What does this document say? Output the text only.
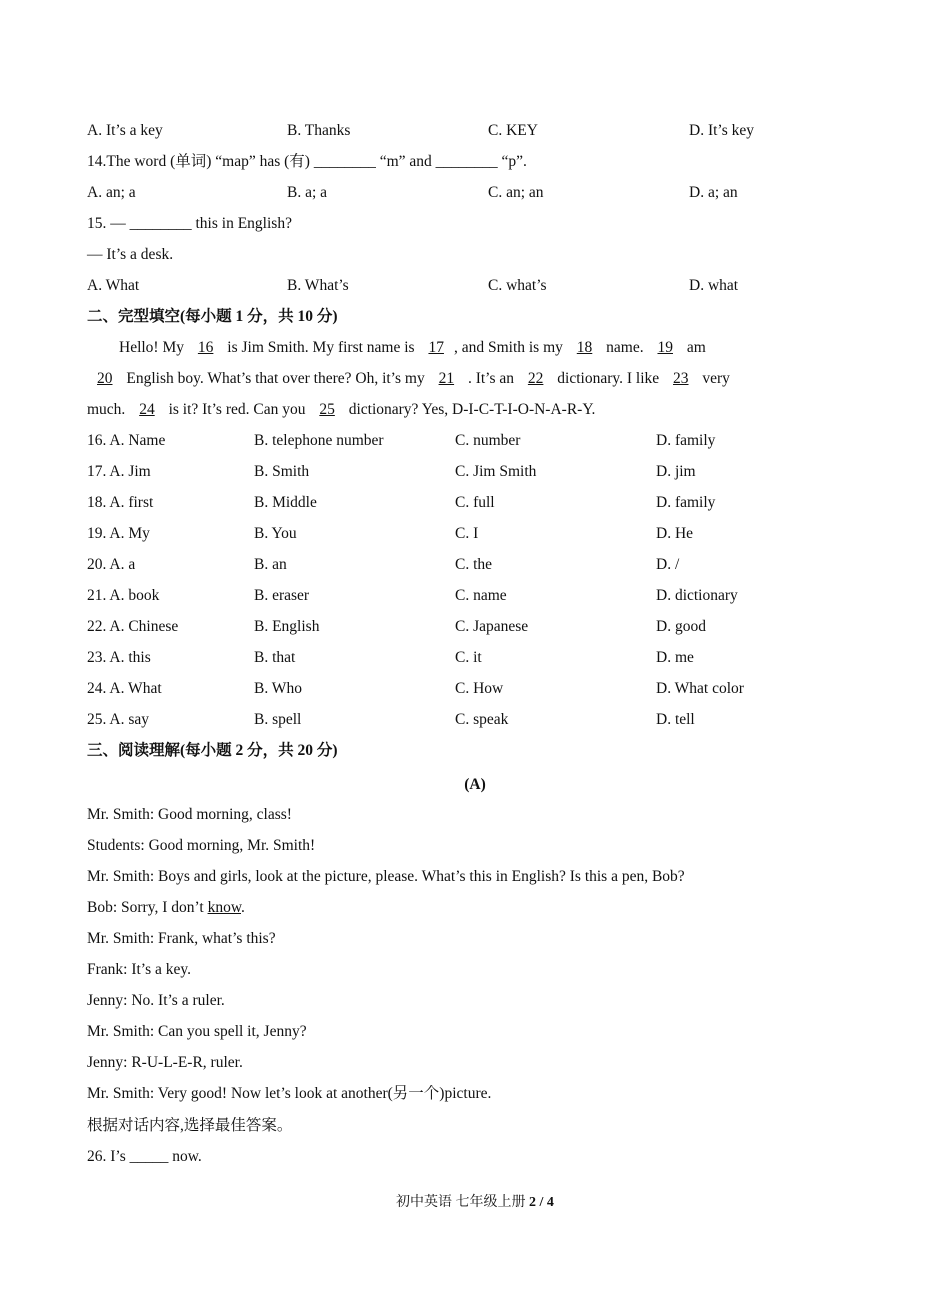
A. It’s a key	B. Thanks	C. KEY	D. It’s key
14.The word (单词) “map” has (有) ________ “m” and ________ “p”.
A. an; a	B. a; a	C. an; an	D. a; an
15. — ________ this in English?
— It’s a desk.
A. What	B. What’s	C. what’s	D. what
二、完型填空(每小题 1 分，共 10 分)
Hello! My 16 is Jim Smith. My first name is 17 , and Smith is my 18 name. 19 am
20 English boy. What’s that over there? Oh, it’s my 21 . It’s an 22 dictionary. I like 23 very
much. 24 is it? It’s red. Can you 25 dictionary? Yes, D-I-C-T-I-O-N-A-R-Y.
16. A. Name	B. telephone number	C. number	D. family
17. A. Jim	B. Smith	C. Jim Smith	D. jim
18. A. first	B. Middle	C. full	D. family
19. A. My	B. You	C. I	D. He
20. A. a	B. an	C. the	D. /
21. A. book	B. eraser	C. name	D. dictionary
22. A. Chinese	B. English	C. Japanese	D. good
23. A. this	B. that	C. it	D. me
24. A. What	B. Who	C. How	D. What color
25. A. say	B. spell	C. speak	D. tell
三、阅读理解(每小题 2 分，共 20 分)
(A)
Mr. Smith: Good morning, class!
Students: Good morning, Mr. Smith!
Mr. Smith: Boys and girls, look at the picture, please. What’s this in English? Is this a pen, Bob?
Bob: Sorry, I don’t know.
Mr. Smith: Frank, what’s this?
Frank: It’s a key.
Jenny: No. It’s a ruler.
Mr. Smith: Can you spell it, Jenny?
Jenny: R-U-L-E-R, ruler.
Mr. Smith: Very good! Now let’s look at another(另一个)picture.
根据对话内容,选择最佳答案。
26. I’s _____ now.
初中英语 七年级上册 2 / 4
